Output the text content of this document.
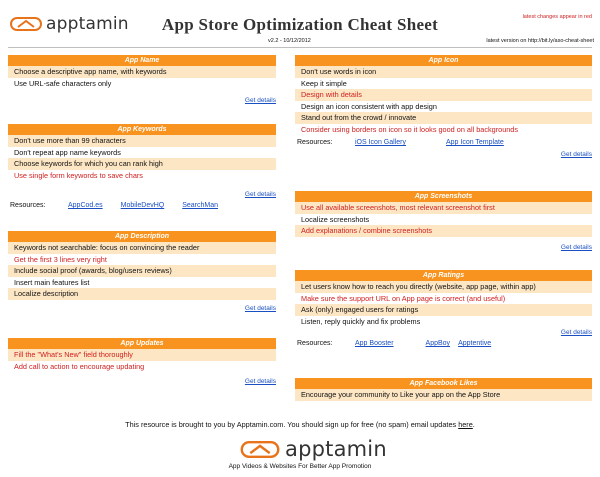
apptamin	App Store Optimization Cheat Sheet	latest changes appear in red
v2.2 - 10/12/2012	latest version on http://bit.ly/aso-cheat-sheet
App Name
Choose a descriptive app name, with keywords
Use URL-safe characters only
Get details
App Keywords
Don't use more than 99 characters
Don't repeat app name keywords
Choose keywords for which you can rank high
Use single form keywords to save chars
Get details
Resources:	AppCod.es	MobileDevHQ	SearchMan
App Description
Keywords not searchable: focus on convincing the reader
Get the first 3 lines very right
Include social proof (awards, blog/users reviews)
Insert main features list
Localize description
Get details
App Updates
Fill the "What's New" field thoroughly
Add call to action to encourage updating
Get details
App Icon
Don't use words in icon
Keep it simple
Design with details
Design an icon consistent with app design
Stand out from the crowd / innovate
Consider using borders on icon so it looks good on all backgrounds
Resources:	iOS Icon Gallery	App Icon Template
Get details
App Screenshots
Use all available screenshots, most relevant screenshot first
Localize screenshots
Add explanations / combine screenshots
Get details
App Ratings
Let users know how to reach you directly (website, app page, within app)
Make sure the support URL on App page is correct (and useful)
Ask (only) engaged users for ratings
Listen, reply quickly and fix problems
Get details
Resources:	App Booster	AppBoy Apptentive
App Facebook Likes
Encourage your community to Like your app on the App Store
This resource is brought to you by Apptamin.com. You should sign up for free (no spam) email updates here.
apptamin
App Videos & Websites For Better App Promotion
